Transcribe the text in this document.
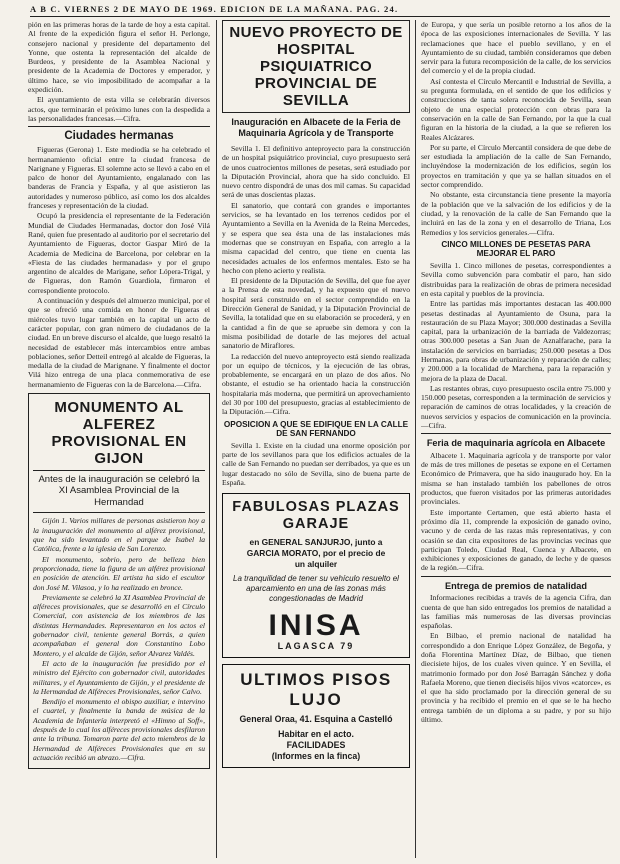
A B C. VIERNES 2 DE MAYO DE 1969. EDICION DE LA MAÑANA. PAG. 24.

pión en las primeras horas de la tarde de hoy a esta capital. Al frente de la expedición figura el señor H. Perlonge, consejero nacional y presidente del departamento del Yonne, que ostenta la representación del alcalde de Burdeos, y presidente de la Asamblea Nacional y presidente de la Academia de Doctores y emperador, y último hace, se vio imposibilitado de acompañar a la expedición.

El ayuntamiento de esta villa se celebrarán diversos actos, que terminarán el próximo lunes con la despedida a las personalidades francesas.—Cifra.

Ciudades hermanas

Figueras (Gerona) 1. Este mediodía se ha celebrado el hermanamiento oficial entre la ciudad francesa de Narignane y Figueras. El solemne acto se llevó a cabo en el palco de honor del Ayuntamiento, engalanado con las banderas de Francia y España, y al que asistieron las autoridades y numeroso público, así como los dos alcaldes franceses y representación de la ciudad.

Ocupó la presidencia el representante de la Federación Mundial de Ciudades Hermanadas, doctor don José Vilá Rané, quien fue presentado al auditorio por el secretario del Ayuntamiento de Figueras, doctor Gaspar Miró de la Academia de Medicina de Barcelona, por celebrar en la «Fiesta de las ciudades hermanadas» y por el grupo argentino de alcaldes de Marigane, señor Lópera-Trigal, y de Figueras, don Ramón Guardiola, firmaron el correspondiente protocolo.

A continuación y después del almuerzo municipal, por el que se ofreció una comida en honor de Figueras el miércoles tuvo lugar también en la capital un acto de carácter popular, con gran número de ciudadanos de la ciudad. En un breve discurso el alcalde, que luego resaltó la necesidad de establecer más intercambios entre ambas poblaciones, señor Detteil entregó al alcalde de Figueras, la medalla de la ciudad de Marignane. Y finalmente el doctor Vilá hizo entrega de una placa conmemorativa de ese hermanamiento de Figueras con la de Barcelona.—Cifra.

MONUMENTO AL ALFEREZ PROVISIONAL EN GIJON
Antes de la inauguración se celebró la XI Asamblea Provincial de la Hermandad

Gijón 1. Varios millares de personas asistieron hoy a la inauguración del monumento al alférez provisional, que ha sido levantado en el parque de Isabel la Católica, frente a la iglesia de San Lorenzo.

El monumento, sobrio, pero de belleza bien proporcionada, tiene la figura de un alférez provisional en posición de atención. El artista ha sido el escultor don José M. Vilasoa, y lo ha realizado en bronce.

Previamente se celebró la XI Asamblea Provincial de alféreces provisionales, que se desarrolló en el Círculo Comercial, con asistencia de los miembros de las distintas Hermandades. Representaron en los actos el gobernador civil, teniente general Borrás, a quien acompañaban el general don Constantino Lobo Montero, y el alcalde de Gijón, señor Alvarez Valdés.

El acto de la inauguración fue presidido por el ministro del Ejército con gobernador civil, autoridades militares, y el Ayuntamiento de Gijón, y el presidente de la Hermandad de Alféreces Provisionales, señor Calvo.

Bendijo el monumento el obispo auxiliar, e intervino el cuartel, y finalmente la banda de música de la Academia de Infantería interpretó el «Himno al Soff», después de lo cual los alféreces provisionales desfilaron ante la tribuna. Tomaron parte del acto miembros de la Hermandad de Alféreces Provisionales que en su actuación recibió un abrazo.—Cifra.

NUEVO PROYECTO DE HOSPITAL PSIQUIATRICO PROVINCIAL DE SEVILLA
Inauguración en Albacete de la Feria de Maquinaria Agrícola y de Transporte

Sevilla 1. El definitivo anteproyecto para la construcción de un hospital psiquiátrico provincial, cuyo presupuesto será de unos cuatrocientos millones de pesetas, será estudiado por la Diputación Provincial, ahora que ha sido concluido. El nuevo centro dispondrá de unas dos mil camas. Su capacidad será de unas doscientas plazas.

El sanatorio, que contará con grandes e importantes servicios, se ha levantado en los terrenos cedidos por el Ayuntamiento a Sevilla en la Avenida de la Reina Mercedes, y se espera que sea ésta una de las instalaciones más modernas que se construyan en España, con arreglo a la misma capacidad del centro, que tiene en cuenta las necesidades actuales de los enfermos mentales. Esto se ha hecho con pleno acierto y realista.

El presidente de la Diputación de Sevilla, del que fue ayer a la Prensa de esta novedad, y ha expuesto que el nuevo hospital será construido en el sector comprendido en la Dirección General de Sanidad, y la Diputación Provincial de Sevilla, la totalidad que en su elaboración se procederá, y en la cantidad a fin de que se apruebe sin demora y con la misma posibilidad de dotarle de las mejores del actual sanatorio de Miraflores.

La redacción del nuevo anteproyecto está siendo realizada por un equipo de técnicos, y la ejecución de las obras, probablemente, se encargará en un plazo de dos años. No obstante, el estudio se ha orientado hacia la construcción hospitalaria más moderna, que permitirá un aprovechamiento del 30 por 100 del presupuesto, gracias al establecimiento de la Diputación.—Cifra.

OPOSICION A QUE SE EDIFIQUE EN LA CALLE DE SAN FERNANDO

Sevilla 1. Existe en la ciudad una enorme oposición por parte de los sevillanos para que los edificios actuales de la calle de San Fernando no puedan ser derribados, ya que es un lugar destacado no sólo de Sevilla, sino de buena parte de España.

FABULOSAS PLAZAS
GARAJE
en GENERAL SANJURJO, junto a
GARCIA MORATO, por el precio de
un alquiler
La tranquilidad de tener su vehículo resuelto el aparcamiento en una de las zonas más congestionadas de Madrid
INISA
LAGASCA 79
ULTIMOS PISOS
LUJO
General Oraa, 41. Esquina a Castelló
Habitar en el acto.
FACILIDADES
(Informes en la finca)

de Europa, y que sería un posible retorno a los años de la época de las exposiciones internacionales de Sevilla. Y las reclamaciones que hace el pueblo sevillano, y en el Ayuntamiento de su ciudad, también consideramos que deben servir para la futura recomposición de la calle, de los servicios del comercio y el de la propia ciudad.

Así contesta el Círculo Mercantil e Industrial de Sevilla, a su pregunta formulada, en el sentido de que los edificios y construcciones de tanta solera reconocida de Sevilla, sean objeto de una especial protección con obras para la conservación en la calle de San Fernando, por la que la cual figuran en la historia de la ciudad, a la que se refieren los Reales Alcázares.

Por su parte, el Círculo Mercantil considera de que debe de ser estudiada la ampliación de la calle de San Fernando, incluyéndose la modernización de los edificios, según los proyectos en tramitación y que ya se hallan situados en el sector comprendido.

No obstante, esta circunstancia tiene presente la mayoría de la población que ve la salvación de los edificios y de la ciudad, y la renovación de la calle de San Fernando que la incluirá en las de la zona y en el desarrollo de Triana, Los Remedios y los servicios generales.—Cifra.

CINCO MILLONES DE PESETAS PARA MEJORAR EL PARO

Sevilla 1. Cinco millones de pesetas, correspondientes a Sevilla como subvención para combatir el paro, han sido distribuidas para la realización de obras de primera necesidad en esta capital y pueblos de la provincia.

Entre las partidas más importantes destacan las 400.000 pesetas destinadas al Ayuntamiento de Osuna, para la restauración de su Plaza Mayor; 300.000 destinadas a Sevilla capital, para la urbanización de la barriada de Valdezorras; otras 300.000 pesetas a San Juan de Aznalfarache, para la instalación de servicios en barriadas; 250.000 pesetas a Dos Hermanas, para obras de urbanización y reparación de calles; y 200.000 a la localidad de Marchena, para la reparación y mejora de la plaza de Dacal.

Las restantes obras, cuyo presupuesto oscila entre 75.000 y 150.000 pesetas, corresponden a la terminación de servicios y reparación de caminos de otras localidades, y la creación de nuevos servicios y espacios de comunicación en la provincia.—Cifra.

Feria de maquinaria agrícola en Albacete

Albacete 1. Maquinaria agrícola y de transporte por valor de más de tres millones de pesetas se expone en el Certamen Económico de Primavera, que ha sido inaugurado hoy. En la misma se han instalado también los pabellones de otros productos, que fueron visitados por las primeras autoridades provinciales.

Este importante Certamen, que está abierto hasta el próximo día 11, comprende la exposición de ganado ovino, vacuno y de cerda de las razas más representativas, y con ocasión se dan cita expositores de las provincias vecinas que participan Toledo, Ciudad Real, Cuenca y Albacete, en exhibiciones y exposiciones de ganado, de leche y de quesos de la región.—Cifra.

Entrega de premios de natalidad

Informaciones recibidas a través de la agencia Cifra, dan cuenta de que han sido entregados los premios de natalidad a las familias más numerosas de las diversas provincias españolas.

En Bilbao, el premio nacional de natalidad ha correspondido a don Enrique López González, de Begoña, y doña Florentina Martínez Díaz, de Bilbao, que tienen diecisiete hijos, de los cuales viven quince. Y en Sevilla, el matrimonio formado por don José Barragán Sánchez y doña Rafaela Moreno, que tienen dieciséis hijos vivos «catorce», es el que ha sido proclamado por la dirección general de su provincia y ha recibido el premio en el que se le ha hecho entrega también de un diploma a su padre, y por su hijo último.
